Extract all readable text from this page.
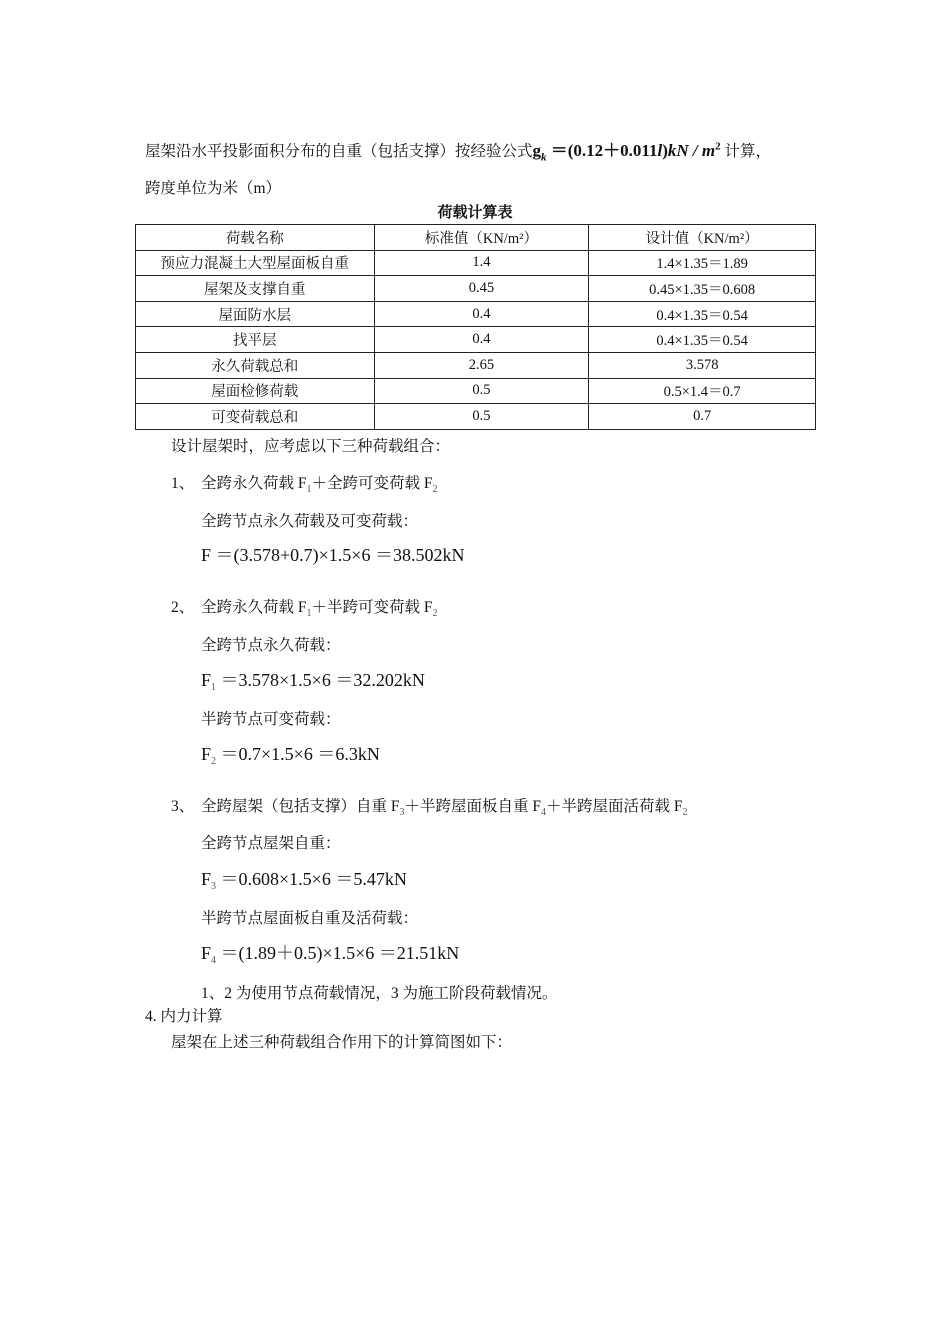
屋架沿水平投影面积分布的自重（包括支撑）按经验公式$g_k =(0.12+0.011l)kN / m^2$ 计算，
跨度单位为米（m）
荷载计算表
荷载名称	标准值（KN/m²）	设计值（KN/m²）
预应力混凝土大型屋面板自重	1.4	1.4×1.35＝1.89
屋架及支撑自重	0.45	0.45×1.35＝0.608
屋面防水层	0.4	0.4×1.35＝0.54
找平层	0.4	0.4×1.35＝0.54
永久荷载总和	2.65	3.578
屋面检修荷载	0.5	0.5×1.4＝0.7
可变荷载总和	0.5	0.7
设计屋架时，应考虑以下三种荷载组合：
1、 全跨永久荷载 $F_1+$全跨可变荷载 $F_2$
全跨节点永久荷载及可变荷载：
F ＝(3.578+0.7)×1.5×6 ＝38.502kN
2、 全跨永久荷载 $F_1+$半跨可变荷载 $F_2$
全跨节点永久荷载：
$F_1 =3.578\times 1.5\times 6 =32.202kN$
半跨节点可变荷载：
$F_2 =0.7\times 1.5\times 6 =6.3kN$
3、 全跨屋架（包括支撑）自重 $F_3+$半跨屋面板自重 $F_4+$半跨屋面活荷载 $F_2$
全跨节点屋架自重：
$F_3 =0.608\times 1.5\times 6 =5.47kN$
半跨节点屋面板自重及活荷载：
$F_4 =(1.89+0.5)\times 1.5\times 6 =21.51kN$
1、2 为使用节点荷载情况，3 为施工阶段荷载情况。
4. 内力计算
屋架在上述三种荷载组合作用下的计算简图如下：
